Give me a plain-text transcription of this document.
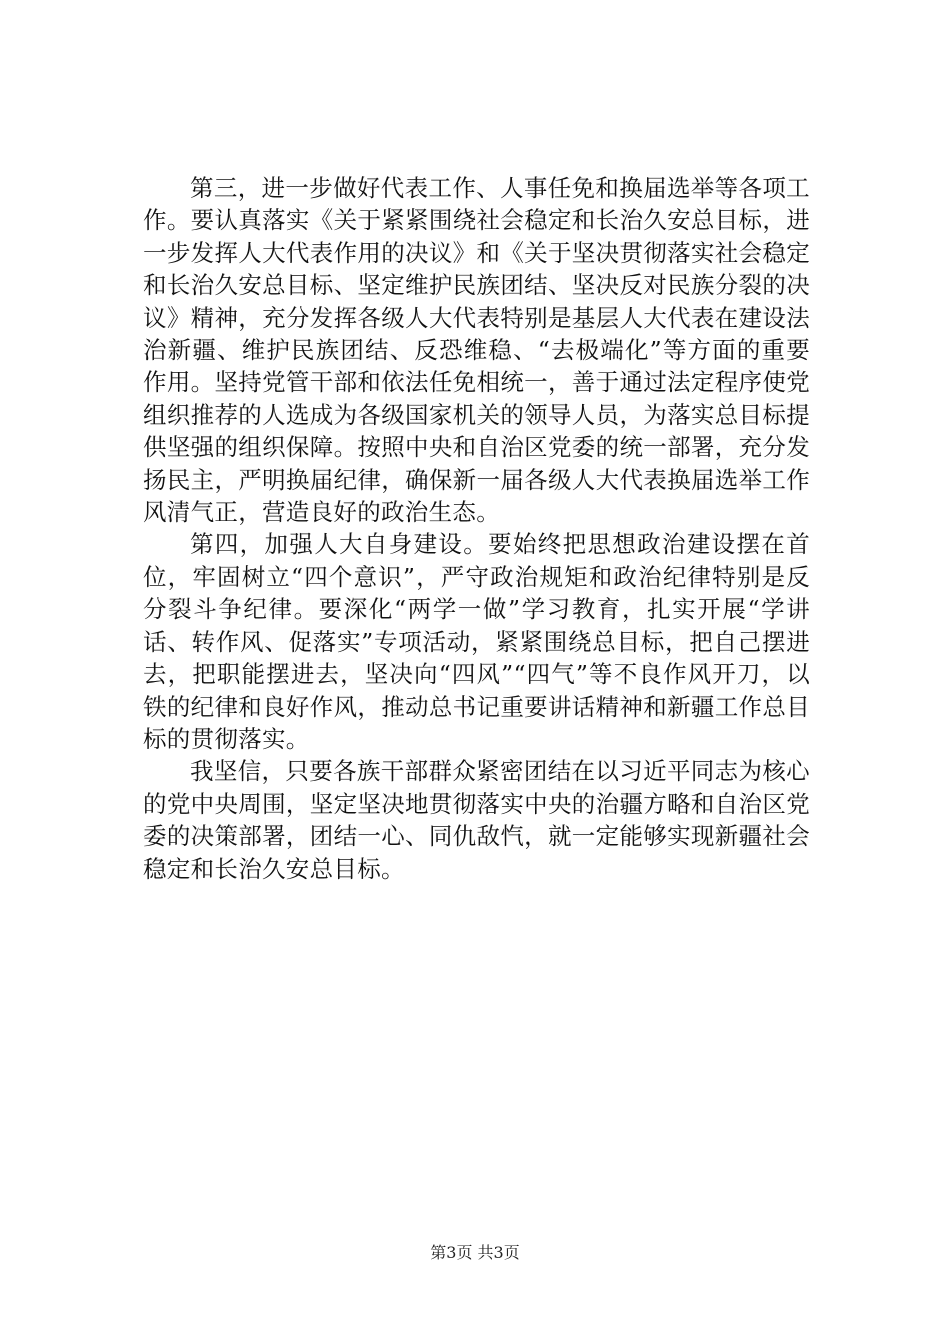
第三，进一步做好代表工作、人事任免和换届选举等各项工作。要认真落实《关于紧紧围绕社会稳定和长治久安总目标，进一步发挥人大代表作用的决议》和《关于坚决贯彻落实社会稳定和长治久安总目标、坚定维护民族团结、坚决反对民族分裂的决议》精神，充分发挥各级人大代表特别是基层人大代表在建设法治新疆、维护民族团结、反恐维稳、“去极端化”等方面的重要作用。坚持党管干部和依法任免相统一，善于通过法定程序使党组织推荐的人选成为各级国家机关的领导人员，为落实总目标提供坚强的组织保障。按照中央和自治区党委的统一部署，充分发扬民主，严明换届纪律，确保新一届各级人大代表换届选举工作风清气正，营造良好的政治生态。

第四，加强人大自身建设。要始终把思想政治建设摆在首位，牢固树立“四个意识”，严守政治规矩和政治纪律特别是反分裂斗争纪律。要深化“两学一做”学习教育，扎实开展“学讲话、转作风、促落实”专项活动，紧紧围绕总目标，把自己摆进去，把职能摆进去，坚决向“四风”“四气”等不良作风开刀，以铁的纪律和良好作风，推动总书记重要讲话精神和新疆工作总目标的贯彻落实。

我坚信，只要各族干部群众紧密团结在以习近平同志为核心的党中央周围，坚定坚决地贯彻落实中央的治疆方略和自治区党委的决策部署，团结一心、同仇敌忾，就一定能够实现新疆社会稳定和长治久安总目标。

第3页 共3页
